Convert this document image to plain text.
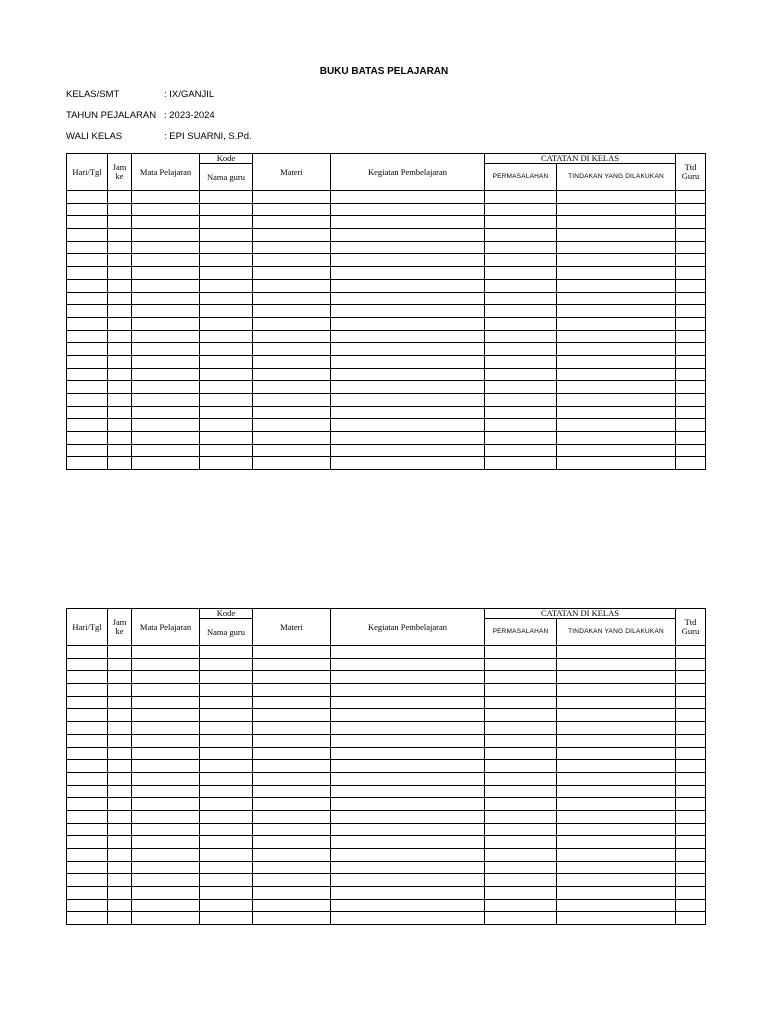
BUKU BATAS PELAJARAN
KELAS/SMT	: IX/GANJIL
TAHUN PEJALARAN : 2023-2024
WALI KELAS	: EPI SUARNI, S.Pd.
Hari/Tgl	Jam ke	Mata Pelajaran	Kode	Materi	Kegiatan Pembelajaran	CATATAN DI KELAS		Ttd Guru
			Nama guru			PERMASALAHAN	TINDAKAN YANG DILAKUKAN	

Hari/Tgl	Jam ke	Mata Pelajaran	Kode	Materi	Kegiatan Pembelajaran	CATATAN DI KELAS		Ttd Guru
			Nama guru			PERMASALAHAN	TINDAKAN YANG DILAKUKAN	
